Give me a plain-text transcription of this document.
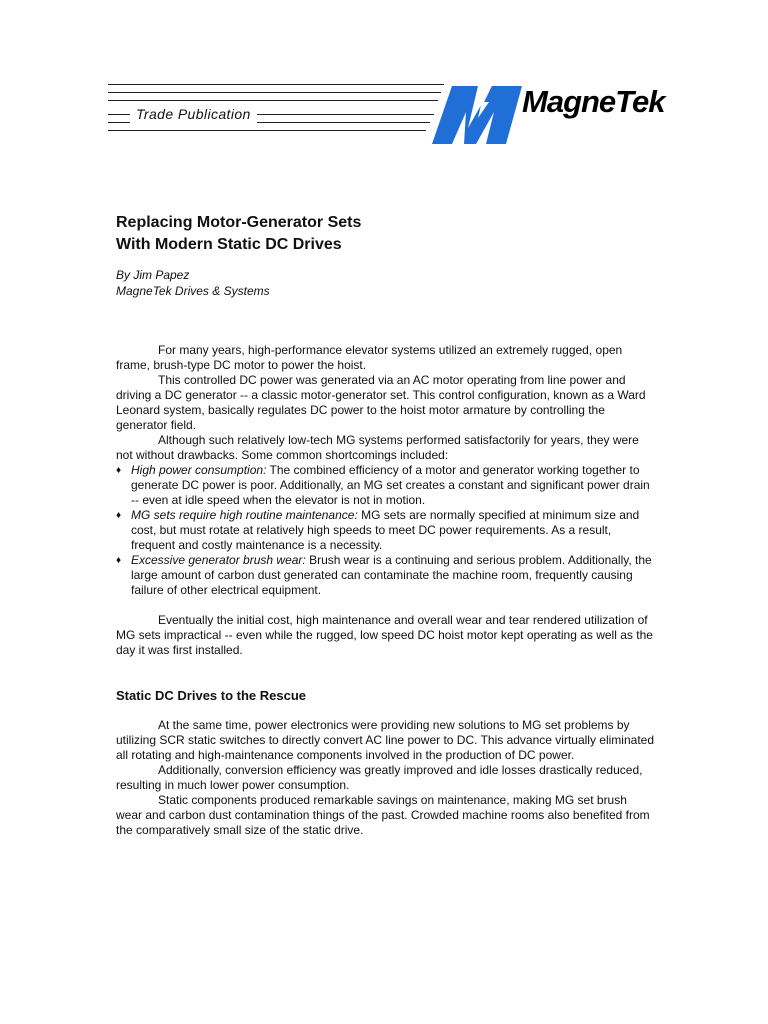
Trade Publication	MagneTek
Replacing Motor-Generator Sets
With Modern Static DC Drives
By Jim Papez
MagneTek Drives & Systems

For many years, high-performance elevator systems utilized an extremely rugged, open frame, brush-type DC motor to power the hoist.

This controlled DC power was generated via an AC motor operating from line power and driving a DC generator -- a classic motor-generator set. This control configuration, known as a Ward Leonard system, basically regulates DC power to the hoist motor armature by controlling the generator field.

Although such relatively low-tech MG systems performed satisfactorily for years, they were not without drawbacks. Some common shortcomings included:

♦ High power consumption: The combined efficiency of a motor and generator working together to generate DC power is poor. Additionally, an MG set creates a constant and significant power drain -- even at idle speed when the elevator is not in motion.
♦ MG sets require high routine maintenance: MG sets are normally specified at minimum size and cost, but must rotate at relatively high speeds to meet DC power requirements. As a result, frequent and costly maintenance is a necessity.
♦ Excessive generator brush wear: Brush wear is a continuing and serious problem. Additionally, the large amount of carbon dust generated can contaminate the machine room, frequently causing failure of other electrical equipment.

Eventually the initial cost, high maintenance and overall wear and tear rendered utilization of MG sets impractical -- even while the rugged, low speed DC hoist motor kept operating as well as the day it was first installed.

Static DC Drives to the Rescue

At the same time, power electronics were providing new solutions to MG set problems by utilizing SCR static switches to directly convert AC line power to DC. This advance virtually eliminated all rotating and high-maintenance components involved in the production of DC power.

Additionally, conversion efficiency was greatly improved and idle losses drastically reduced, resulting in much lower power consumption.

Static components produced remarkable savings on maintenance, making MG set brush wear and carbon dust contamination things of the past. Crowded machine rooms also benefited from the comparatively small size of the static drive.
